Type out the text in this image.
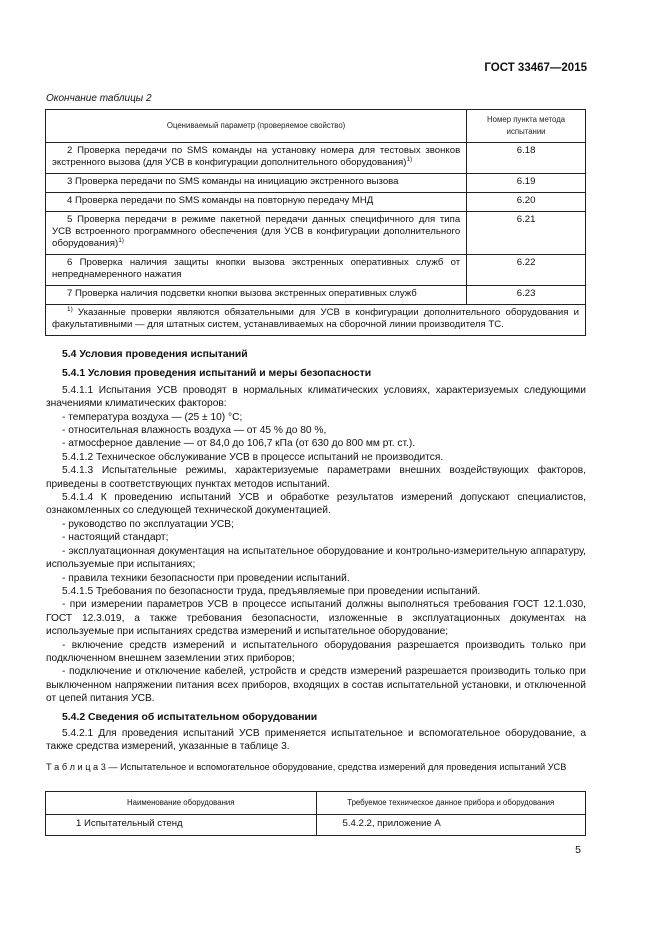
ГОСТ 33467—2015
Окончание таблицы 2
Оцениваемый параметр (проверяемое свойство)	Номер пункта метода испытании
2 Проверка передачи по SMS команды на установку номера для тестовых звонков экстренного вызова (для УСВ в конфигурации дополнительного оборудования)$^{1)}$	6.18
3 Проверка передачи по SMS команды на инициацию экстренного вызова	6.19
4 Проверка передачи по SMS команды на повторную передачу МНД	6.20
5 Проверка передачи в режиме пакетной передачи данных специфичного для типа УСВ встроенного программного обеспечения (для УСВ в конфигурации дополнительного оборудования)$^{1)}$	6.21
6 Проверка наличия защиты кнопки вызова экстренных оперативных служб от непреднамеренного нажатия	6.22
7 Проверка наличия подсветки кнопки вызова экстренных оперативных служб	6.23
$^{1)}$ Указанные проверки являются обязательными для УСВ в конфигурации дополнительного оборудования и факультативными — для штатных систем, устанавливаемых на сборочной линии производителя ТС.	
5.4 Условия проведения испытаний
5.4.1 Условия проведения испытаний и меры безопасности

5.4.1.1 Испытания УСВ проводят в нормальных климатических условиях, характеризуемых следующими значениями климатических факторов:

- температура воздуха — (25 ± 10) °С;

- относительная влажность воздуха — от 45 % до 80 %,

- атмосферное давление — от 84,0 до 106,7 кПа (от 630 до 800 мм рт. ст.).

5.4.1.2 Техническое обслуживание УСВ в процессе испытаний не производится.

5.4.1.3 Испытательные режимы, характеризуемые параметрами внешних воздействующих факторов, приведены в соответствующих пунктах методов испытаний.

5.4.1.4 К проведению испытаний УСВ и обработке результатов измерений допускают специалистов, ознакомленных со следующей технической документацией.

- руководство по эксплуатации УСВ;

- настоящий стандарт;

- эксплуатационная документация на испытательное оборудование и контрольно-измерительную аппаратуру, используемые при испытаниях;

- правила техники безопасности при проведении испытаний.

5.4.1.5 Требования по безопасности труда, предъявляемые при проведении испытаний.

- при измерении параметров УСВ в процессе испытаний должны выполняться требования ГОСТ 12.1.030, ГОСТ 12.3.019, а также требования безопасности, изложенные в эксплуатационных документах на используемые при испытаниях средства измерений и испытательное оборудование;

- включение средств измерений и испытательного оборудования разрешается производить только при подключенном внешнем заземлении этих приборов;

- подключение и отключение кабелей, устройств и средств измерений разрешается производить только при выключенном напряжении питания всех приборов, входящих в состав испытательной установки, и отключенной от цепей питания УСВ.

5.4.2 Сведения об испытательном оборудовании

5.4.2.1 Для проведения испытаний УСВ применяется испытательное и вспомогательное оборудование, а также средства измерений, указанные в таблице 3.

Т а б л и ц а 3 — Испытательное и вспомогательное оборудование, средства измерений для проведения испытаний УСВ
Наименование оборудования	Требуемое техническое данное прибора и оборудования
1 Испытательный стенд	5.4.2.2, приложение А
5
